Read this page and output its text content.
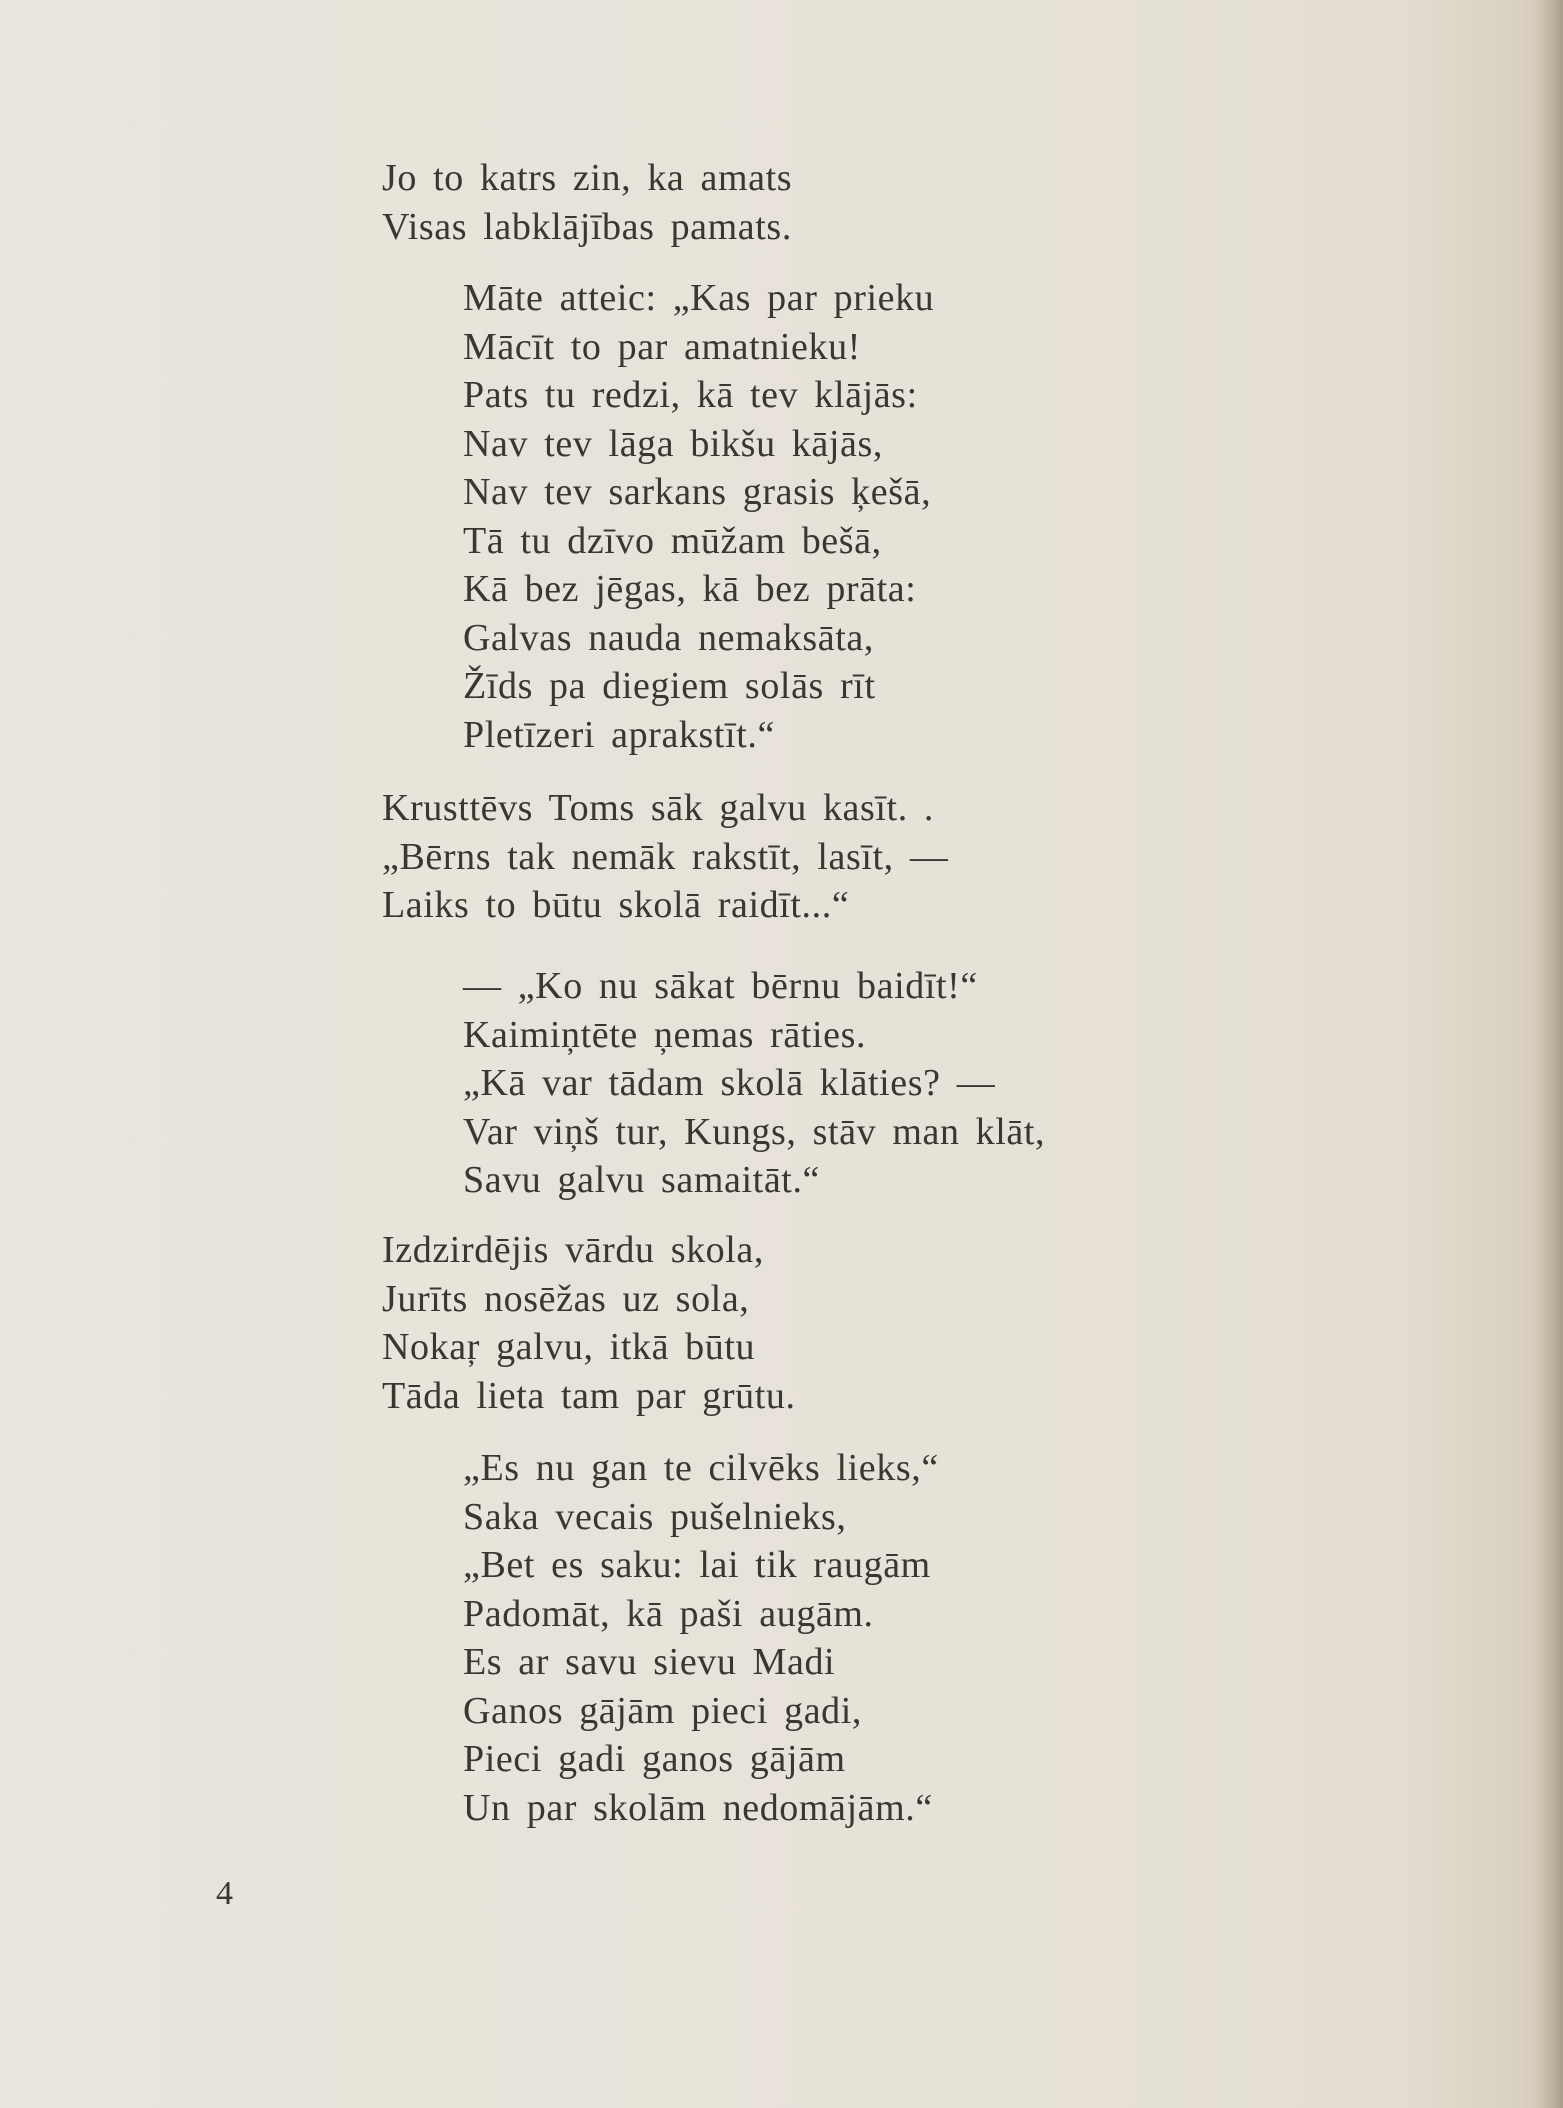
Jo to katrs zin, ka amats
Visas labklājības pamats.
Māte atteic: „Kas par prieku
Mācīt to par amatnieku!
Pats tu redzi, kā tev klājās:
Nav tev lāga bikšu kājās,
Nav tev sarkans grasis ķešā,
Tā tu dzīvo mūžam bešā,
Kā bez jēgas, kā bez prāta:
Galvas nauda nemaksāta,
Žīds pa diegiem solās rīt
Pletīzeri aprakstīt.“
Krusttēvs Toms sāk galvu kasīt. .
„Bērns tak nemāk rakstīt, lasīt, —
Laiks to būtu skolā raidīt...“
— „Ko nu sākat bērnu baidīt!“
Kaimiņtēte ņemas rāties.
„Kā var tādam skolā klāties? —
Var viņš tur, Kungs, stāv man klāt,
Savu galvu samaitāt.“
Izdzirdējis vārdu skola,
Jurīts nosēžas uz sola,
Nokaŗ galvu, itkā būtu
Tāda lieta tam par grūtu.
„Es nu gan te cilvēks lieks,“
Saka vecais pušelnieks,
„Bet es saku: lai tik raugām
Padomāt, kā paši augām.
Es ar savu sievu Madi
Ganos gājām pieci gadi,
Pieci gadi ganos gājām
Un par skolām nedomājām.“
4
